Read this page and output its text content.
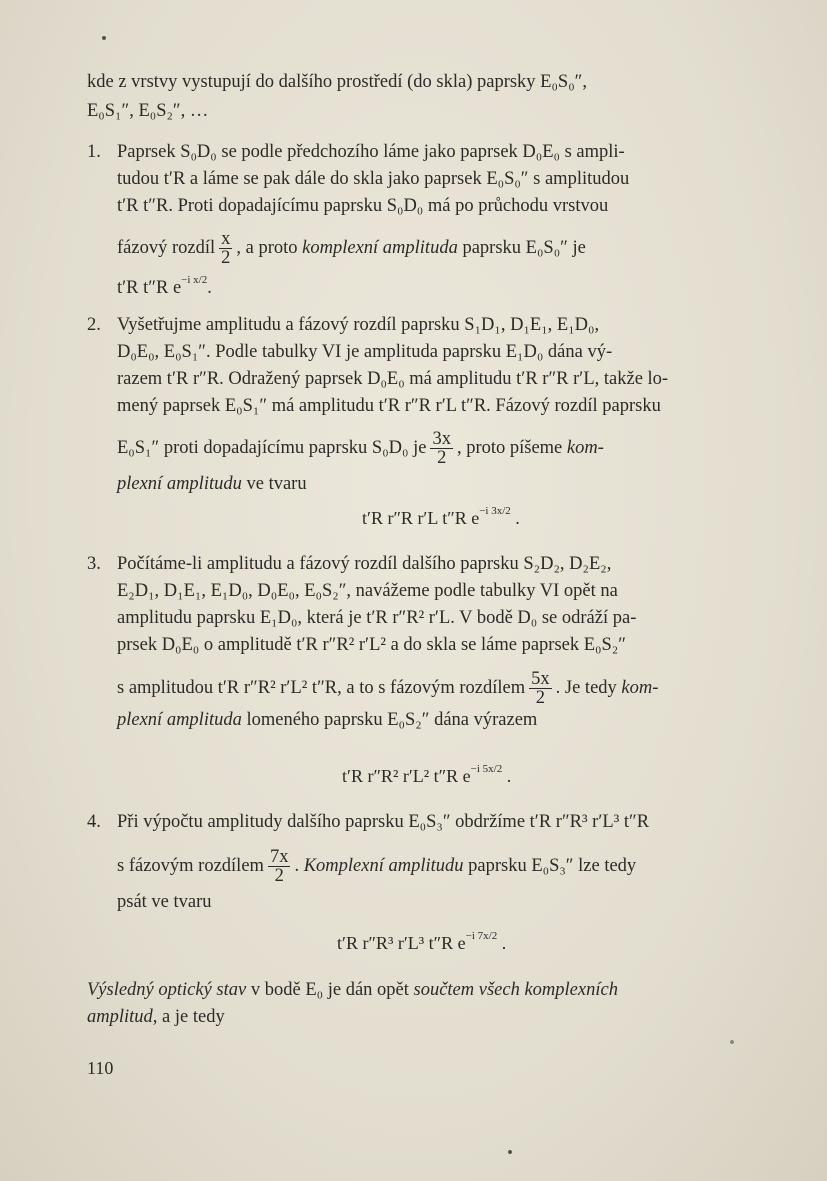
kde z vrstvy vystupují do dalšího prostředí (do skla) paprsky E₀S₀″,
E₀S₁″, E₀S₂″, …
1. Paprsek S₀D₀ se podle předchozího láme jako paprsek D₀E₀ s ampli-
tudou t′R a láme se pak dále do skla jako paprsek E₀S₀″ s amplitudou
t′R t″R. Proti dopadajícímu paprsku S₀D₀ má po průchodu vrstvou
fázový rozdíl $\frac{x}{2}$ , a proto komplexní amplituda paprsku E₀S₀″ je
t′R t″R $e^{-i x/2}$.
2. Vyšetřujme amplitudu a fázový rozdíl paprsku S₁D₁, D₁E₁, E₁D₀,
D₀E₀, E₀S₁″. Podle tabulky VI je amplituda paprsku E₁D₀ dána vý-
razem t′R r″R. Odražený paprsek D₀E₀ má amplitudu t′R r″R r′L, takže lo-
mený paprsek E₀S₁″ má amplitudu t′R r″R r′L t″R. Fázový rozdíl paprsku
E₀S₁″ proti dopadajícímu paprsku S₀D₀ je $\frac{3x}{2}$ , proto píšeme kom-
plexní amplitudu ve tvaru
t′R r″R r′L t″R $e^{-i 3x/2}$ .
3. Počítáme-li amplitudu a fázový rozdíl dalšího paprsku S₂D₂, D₂E₂,
E₂D₁, D₁E₁, E₁D₀, D₀E₀, E₀S₂″, navážeme podle tabulky VI opět na
amplitudu paprsku E₁D₀, která je t′R r″R² r′L. V bodě D₀ se odráží pa-
prsek D₀E₀ o amplitudě t′R r″R² r′L² a do skla se láme paprsek E₀S₂″
s amplitudou t′R r″R² r′L² t″R, a to s fázovým rozdílem $\frac{5x}{2}$ . Je tedy kom-
plexní amplituda lomeného paprsku E₀S₂″ dána výrazem
t′R r″R² r′L² t″R $e^{-i 5x/2}$ .
4. Při výpočtu amplitudy dalšího paprsku E₀S₃″ obdržíme t′R r″R³ r′L³ t″R
s fázovým rozdílem $\frac{7x}{2}$ . Komplexní amplitudu paprsku E₀S₃″ lze tedy
psát ve tvaru
t′R r″R³ r′L³ t″R $e^{-i 7x/2}$ .
Výsledný optický stav v bodě E₀ je dán opět součtem všech komplexních
amplitud, a je tedy
110
